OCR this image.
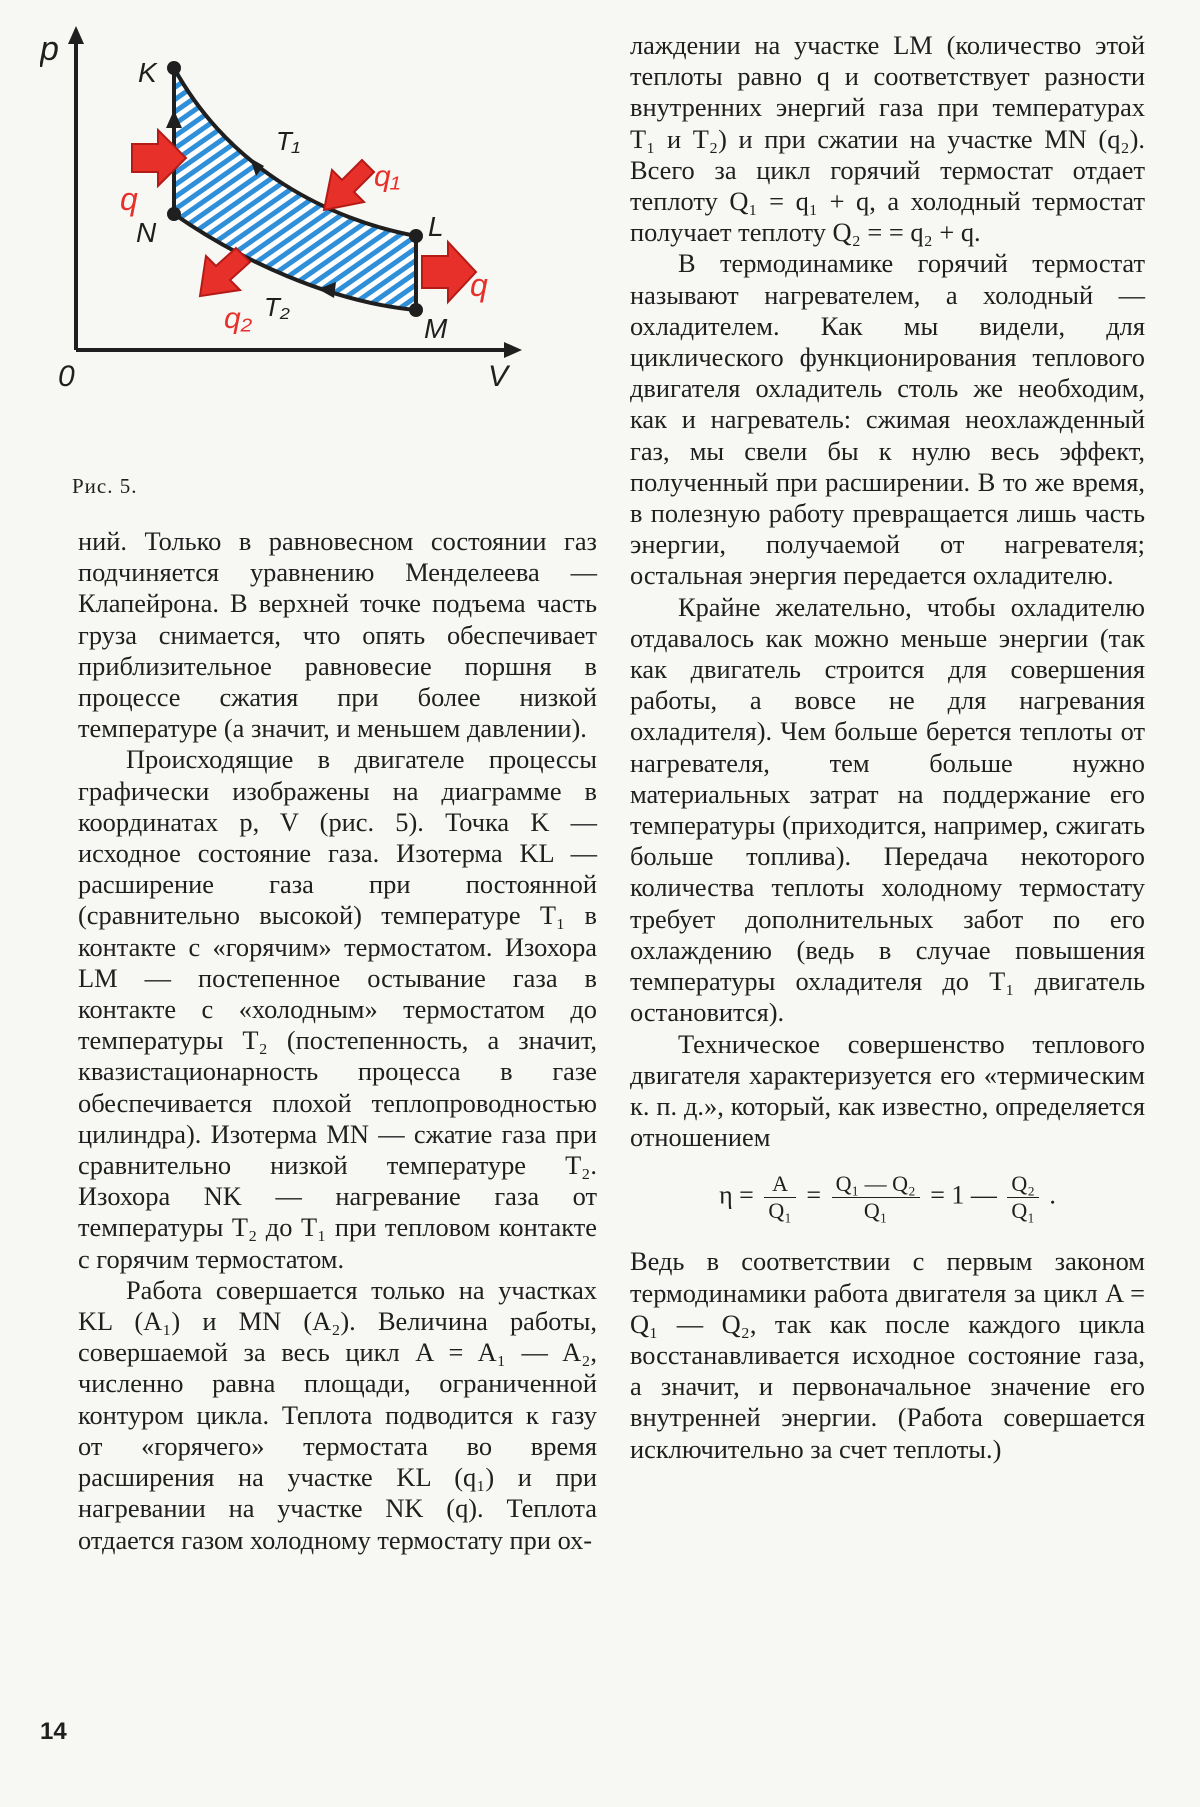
p
V
0
K
N	L
M
T₁
T₂
q
q₁
q₂
q
Рис. 5.

ний. Только в равновесном состоянии газ подчиняется уравнению Менделеева — Клапейрона. В верхней точке подъема часть груза снимается, что опять обеспечивает приблизительное равновесие поршня в процессе сжатия при более низкой температуре (а значит, и меньшем давлении).

Происходящие в двигателе процессы графически изображены на диаграмме в координатах p, V (рис. 5). Точка K — исходное состояние газа. Изотерма KL — расширение газа при постоянной (сравнительно высокой) температуре T₁ в контакте с «горячим» термостатом. Изохора LM — постепенное остывание газа в контакте с «холодным» термостатом до температуры T₂ (постепенность, а значит, квазистационарность процесса в газе обеспечивается плохой теплопроводностью цилиндра). Изотерма MN — сжатие газа при сравнительно низкой температуре T₂. Изохора NK — нагревание газа от температуры T₂ до T₁ при тепловом контакте с горячим термостатом.

Работа совершается только на участках KL (A₁) и MN (A₂). Величина работы, совершаемой за весь цикл A = A₁ — A₂, численно равна площади, ограниченной контуром цикла. Теплота подводится к газу от «горячего» термостата во время расширения на участке KL (q₁) и при нагревании на участке NK (q). Теплота отдается газом холодному термостату при ох-

лаждении на участке LM (количество этой теплоты равно q и соответствует разности внутренних энергий газа при температурах T₁ и T₂) и при сжатии на участке MN (q₂). Всего за цикл горячий термостат отдает теплоту Q₁ = q₁ + q, а холодный термостат получает теплоту Q₂ = = q₂ + q.

В термодинамике горячий термостат называют нагревателем, а холодный — охладителем. Как мы видели, для циклического функционирования теплового двигателя охладитель столь же необходим, как и нагреватель: сжимая неохлажденный газ, мы свели бы к нулю весь эффект, полученный при расширении. В то же время, в полезную работу превращается лишь часть энергии, получаемой от нагревателя; остальная энергия передается охладителю.

Крайне желательно, чтобы охладителю отдавалось как можно меньше энергии (так как двигатель строится для совершения работы, а вовсе не для нагревания охладителя). Чем больше берется теплоты от нагревателя, тем больше нужно материальных затрат на поддержание его температуры (приходится, например, сжигать больше топлива). Передача некоторого количества теплоты холодному термостату требует дополнительных забот по его охлаждению (ведь в случае повышения температуры охладителя до T₁ двигатель остановится).

Техническое совершенство теплового двигателя характеризуется его «термическим к. п. д.», который, как известно, определяется отношением

$\eta = \frac{A}{\text{Q₁}} = \frac{\text{Q₁ — Q₂}}{\text{Q₁}} = 1$ — $\frac{\text{Q₂}}{\text{Q₁}}$ .

Ведь в соответствии с первым законом термодинамики работа двигателя за цикл A = Q₁ — Q₂, так как после каждого цикла восстанавливается исходное состояние газа, а значит, и первоначальное значение его внутренней энергии. (Работа совершается исключительно за счет теплоты.)

14
